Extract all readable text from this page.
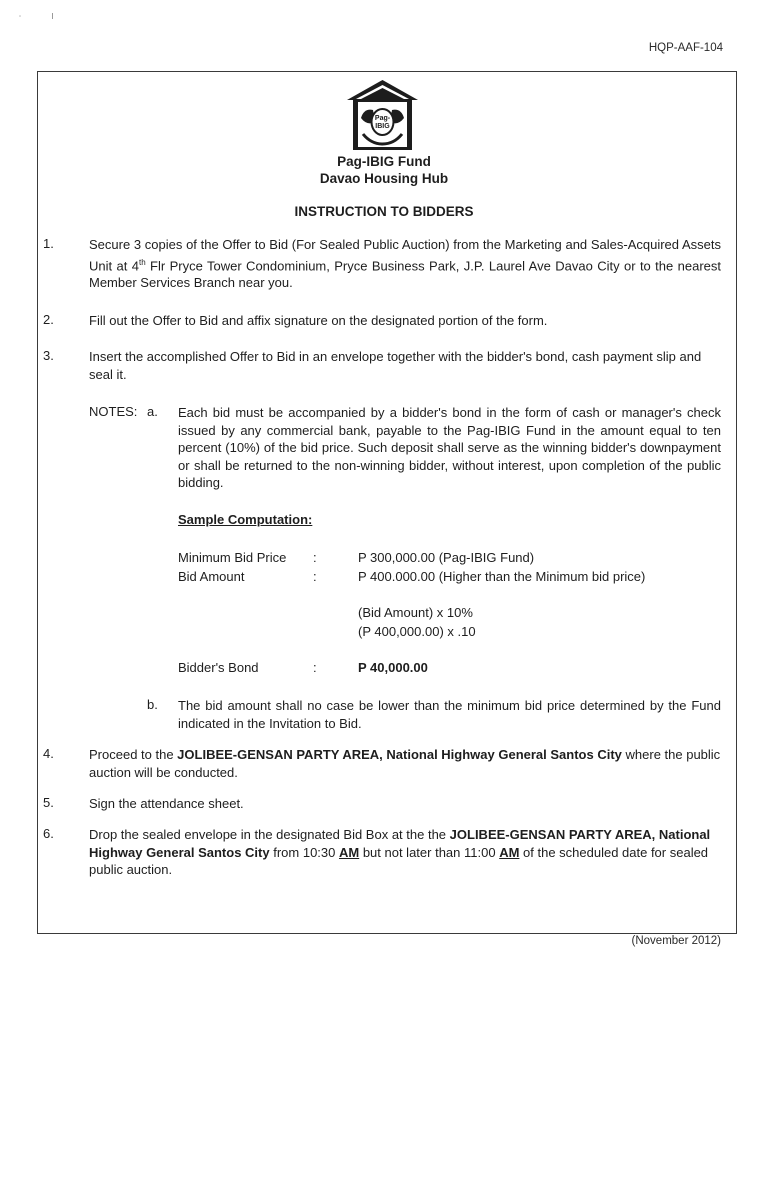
HQP-AAF-104
Pag-
IBIG
Pag-IBIG Fund
Davao Housing Hub
INSTRUCTION TO BIDDERS
1.	Secure 3 copies of the Offer to Bid (For Sealed Public Auction) from the Marketing and Sales-Acquired Assets Unit at 4th Flr Pryce Tower Condominium, Pryce Business Park, J.P. Laurel Ave Davao City or to the nearest Member Services Branch near you.
2.	Fill out the Offer to Bid and affix signature on the designated portion of the form.
3.	Insert the accomplished Offer to Bid in an envelope together with the bidder's bond, cash payment slip and seal it.
NOTES: a. Each bid must be accompanied by a bidder's bond in the form of cash or manager's check issued by any commercial bank, payable to the Pag-IBIG Fund in the amount equal to ten percent (10%) of the bid price. Such deposit shall serve as the winning bidder's downpayment or shall be returned to the non-winning bidder, without interest, upon completion of the public bidding.
Sample Computation:
Minimum Bid Price :	P 300,000.00 (Pag-IBIG Fund)
Bid Amount	:	P 400.000.00 (Higher than the Minimum bid price)
(Bid Amount) x 10%
(P 400,000.00) x .10
Bidder's Bond	:	P 40,000.00
b. The bid amount shall no case be lower than the minimum bid price determined by the Fund indicated in the Invitation to Bid.
4.	Proceed to the JOLIBEE-GENSAN PARTY AREA, National Highway General Santos City where the public auction will be conducted.
5.	Sign the attendance sheet.
6.	Drop the sealed envelope in the designated Bid Box at the the JOLIBEE-GENSAN PARTY AREA, National Highway General Santos City from 10:30 AM but not later than 11:00 AM of the scheduled date for sealed public auction.
(November 2012)
